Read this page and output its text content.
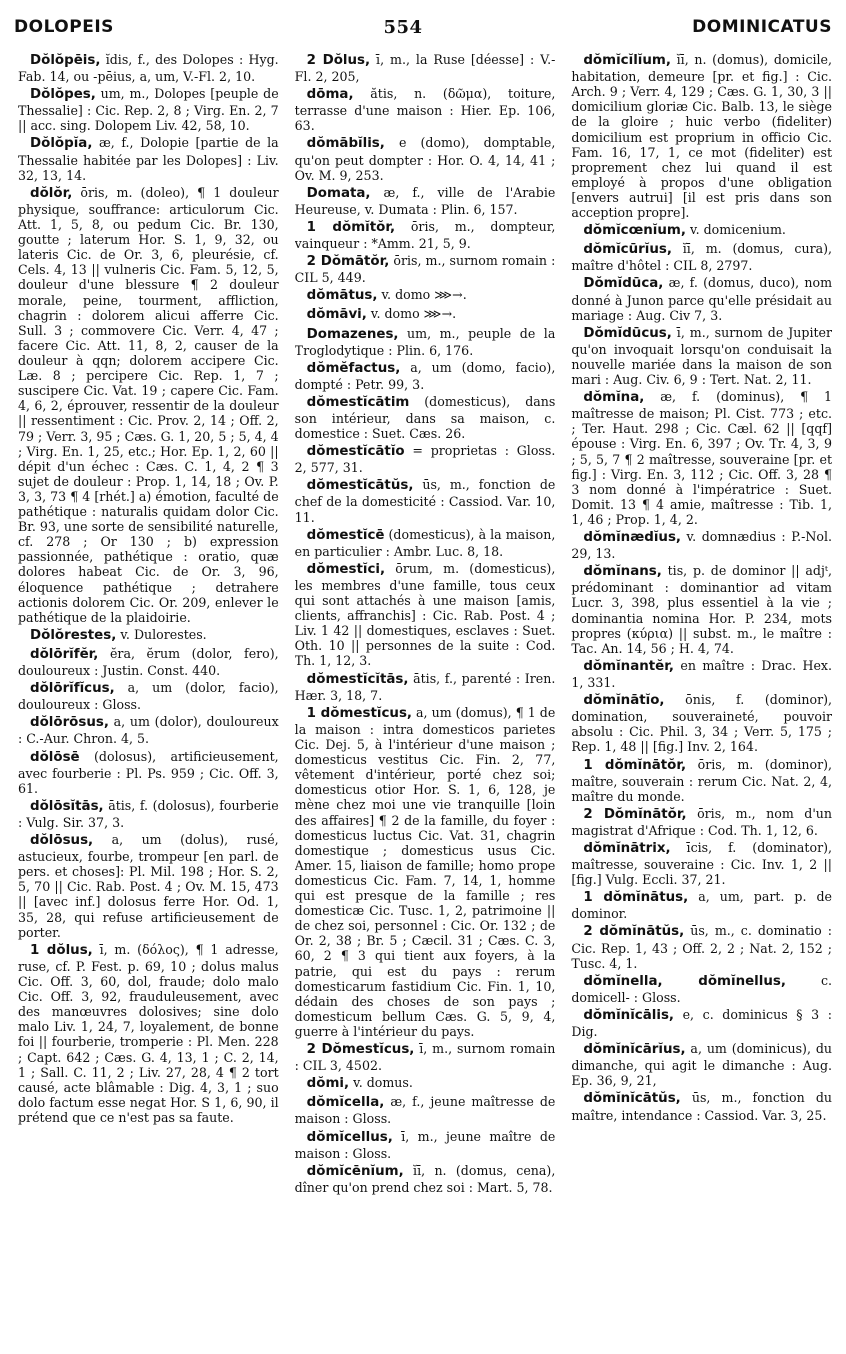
DOLOPEIS	554	DOMINICATUS

Dŏlŏpēis, ĭdis, f., des Dolopes : Hyg. Fab. 14, ou -pēius, a, um, V.-Fl. 2, 10.

Dŏlŏpes, um, m., Dolopes [peuple de Thessalie] : Cic. Rep. 2, 8 ; Virg. En. 2, 7 || acc. sing. Dolopem Liv. 42, 58, 10.

Dŏlŏpĭa, æ, f., Dolopie [partie de la Thessalie habitée par les Dolopes] : Liv. 32, 13, 14.

dŏlŏr, ōris, m. (doleo), ¶ 1 douleur physique, souffrance: articulorum Cic. Att. 1, 5, 8, ou pedum Cic. Br. 130, goutte ; laterum Hor. S. 1, 9, 32, ou lateris Cic. de Or. 3, 6, pleurésie, cf. Cels. 4, 13 || vulneris Cic. Fam. 5, 12, 5, douleur d'une blessure ¶ 2 douleur morale, peine, tourment, affliction, chagrin : dolorem alicui afferre Cic. Sull. 3 ; commovere Cic. Verr. 4, 47 ; facere Cic. Att. 11, 8, 2, causer de la douleur à qqn; dolorem accipere Cic. Læ. 8 ; percipere Cic. Rep. 1, 7 ; suscipere Cic. Vat. 19 ; capere Cic. Fam. 4, 6, 2, éprouver, ressentir de la douleur || ressentiment : Cic. Prov. 2, 14 ; Off. 2, 79 ; Verr. 3, 95 ; Cæs. G. 1, 20, 5 ; 5, 4, 4 ; Virg. En. 1, 25, etc.; Hor. Ep. 1, 2, 60 || dépit d'un échec : Cæs. C. 1, 4, 2 ¶ 3 sujet de douleur : Prop. 1, 14, 18 ; Ov. P. 3, 3, 73 ¶ 4 [rhét.] a) émotion, faculté de pathétique : naturalis quidam dolor Cic. Br. 93, une sorte de sensibilité naturelle, cf. 278 ; Or 130 ; b) expression passionnée, pathétique : oratio, quæ dolores habeat Cic. de Or. 3, 96, éloquence pathétique ; detrahere actionis dolorem Cic. Or. 209, enlever le pathétique de la plaidoirie.

Dŏlŏrestes, v. Dulorestes.

dŏlōrĭfĕr, ĕra, ĕrum (dolor, fero), douloureux : Justin. Const. 440.

dŏlōrĭfĭcus, a, um (dolor, facio), douloureux : Gloss.

dŏlōrōsus, a, um (dolor), douloureux : C.-Aur. Chron. 4, 5.

dŏlōsē (dolosus), artificieusement, avec fourberie : Pl. Ps. 959 ; Cic. Off. 3, 61.

dŏlōsĭtās, ātis, f. (dolosus), fourberie : Vulg. Sir. 37, 3.

dŏlōsus, a, um (dolus), rusé, astucieux, fourbe, trompeur [en parl. de pers. et choses]: Pl. Mil. 198 ; Hor. S. 2, 5, 70 || Cic. Rab. Post. 4 ; Ov. M. 15, 473 || [avec inf.] dolosus ferre Hor. Od. 1, 35, 28, qui refuse artificieusement de porter.

1 dŏlus, ī, m. (δόλος), ¶ 1 adresse, ruse, cf. P. Fest. p. 69, 10 ; dolus malus Cic. Off. 3, 60, dol, fraude; dolo malo Cic. Off. 3, 92, frauduleusement, avec des manœuvres dolosives; sine dolo malo Liv. 1, 24, 7, loyalement, de bonne foi || fourberie, tromperie : Pl. Men. 228 ; Capt. 642 ; Cæs. G. 4, 13, 1 ; C. 2, 14, 1 ; Sall. C. 11, 2 ; Liv. 27, 28, 4 ¶ 2 tort causé, acte blâmable : Dig. 4, 3, 1 ; suo dolo factum esse negat Hor. S 1, 6, 90, il prétend que ce n'est pas sa faute.

2 Dŏlus, ī, m., la Ruse [déesse] : V.-Fl. 2, 205,

dōma, ătis, n. (δῶμα), toiture, terrasse d'une maison : Hier. Ep. 106, 63.

dŏmābĭlis, e (domo), domptable, qu'on peut dompter : Hor. O. 4, 14, 41 ; Ov. M. 9, 253.

Domata, æ, f., ville de l'Arabie Heureuse, v. Dumata : Plin. 6, 157.

1 dŏmĭtŏr, ōris, m., dompteur, vainqueur : *Amm. 21, 5, 9.

2 Dŏmātŏr, ōris, m., surnom romain : CIL 5, 449.

dŏmātus, v. domo ⋙→.

dŏmāvi, v. domo ⋙→.

Domazenes, um, m., peuple de la Troglodytique : Plin. 6, 176.

dŏmĕfactus, a, um (domo, facio), dompté : Petr. 99, 3.

dŏmestĭcātim (domesticus), dans son intérieur, dans sa maison, c. domestice : Suet. Cæs. 26.

dŏmestĭcātĭo = proprietas : Gloss. 2, 577, 31.

dŏmestĭcātŭs, ūs, m., fonction de chef de la domesticité : Cassiod. Var. 10, 11.

dŏmestĭcē (domesticus), à la maison, en particulier : Ambr. Luc. 8, 18.

dŏmestĭci, ōrum, m. (domesticus), les membres d'une famille, tous ceux qui sont attachés à une maison [amis, clients, affranchis] : Cic. Rab. Post. 4 ; Liv. 1 42 || domestiques, esclaves : Suet. Oth. 10 || personnes de la suite : Cod. Th. 1, 12, 3.

dŏmestĭcĭtās, ātis, f., parenté : Iren. Hær. 3, 18, 7.

1 dŏmestĭcus, a, um (domus), ¶ 1 de la maison : intra domesticos parietes Cic. Dej. 5, à l'intérieur d'une maison ; domesticus vestitus Cic. Fin. 2, 77, vêtement d'intérieur, porté chez soi; domesticus otior Hor. S. 1, 6, 128, je mène chez moi une vie tranquille [loin des affaires] ¶ 2 de la famille, du foyer : domesticus luctus Cic. Vat. 31, chagrin domestique ; domesticus usus Cic. Amer. 15, liaison de famille; homo prope domesticus Cic. Fam. 7, 14, 1, homme qui est presque de la famille ; res domesticæ Cic. Tusc. 1, 2, patrimoine || de chez soi, personnel : Cic. Or. 132 ; de Or. 2, 38 ; Br. 5 ; Cæcil. 31 ; Cæs. C. 3, 60, 2 ¶ 3 qui tient aux foyers, à la patrie, qui est du pays : rerum domesticarum fastidium Cic. Fin. 1, 10, dédain des choses de son pays ; domesticum bellum Cæs. G. 5, 9, 4, guerre à l'intérieur du pays.

2 Dŏmestĭcus, ī, m., surnom romain : CIL 3, 4502.

dŏmi, v. domus.

dŏmĭcella, æ, f., jeune maîtresse de maison : Gloss.

dŏmĭcellus, ī, m., jeune maître de maison : Gloss.

dŏmĭcēnĭum, ĭī, n. (domus, cena), dîner qu'on prend chez soi : Mart. 5, 78.

dŏmĭcĭlĭum, ĭī, n. (domus), domicile, habitation, demeure [pr. et fig.] : Cic. Arch. 9 ; Verr. 4, 129 ; Cæs. G. 1, 30, 3 || domicilium gloriæ Cic. Balb. 13, le siège de la gloire ; huic verbo (fideliter) domicilium est proprium in officio Cic. Fam. 16, 17, 1, ce mot (fideliter) est proprement chez lui quand il est employé à propos d'une obligation [envers autrui] [il est pris dans son acception propre].

dŏmĭcœnĭum, v. domicenium.

dŏmĭcūrĭus, ĭī, m. (domus, cura), maître d'hôtel : CIL 8, 2797.

Dŏmĭdūca, æ, f. (domus, duco), nom donné à Junon parce qu'elle présidait au mariage : Aug. Civ 7, 3.

Dŏmĭdūcus, ī, m., surnom de Jupiter qu'on invoquait lorsqu'on conduisait la nouvelle mariée dans la maison de son mari : Aug. Civ. 6, 9 : Tert. Nat. 2, 11.

dŏmĭna, æ, f. (dominus), ¶ 1 maîtresse de maison; Pl. Cist. 773 ; etc. ; Ter. Haut. 298 ; Cic. Cæl. 62 || [qqf] épouse : Virg. En. 6, 397 ; Ov. Tr. 4, 3, 9 ; 5, 5, 7 ¶ 2 maîtresse, souveraine [pr. et fig.] : Virg. En. 3, 112 ; Cic. Off. 3, 28 ¶ 3 nom donné à l'impératrice : Suet. Domit. 13 ¶ 4 amie, maîtresse : Tib. 1, 1, 46 ; Prop. 1, 4, 2.

dŏmĭnædĭus, v. domnædius : P.-Nol. 29, 13.

dŏmĭnans, tis, p. de dominor || adjᵗ, prédominant : dominantior ad vitam Lucr. 3, 398, plus essentiel à la vie ; dominantia nomina Hor. P. 234, mots propres (κύρια) || subst. m., le maître : Tac. An. 14, 56 ; H. 4, 74.

dŏmĭnantĕr, en maître : Drac. Hex. 1, 331.

dŏmĭnātĭo, ōnis, f. (dominor), domination, souveraineté, pouvoir absolu : Cic. Phil. 3, 34 ; Verr. 5, 175 ; Rep. 1, 48 || [fig.] Inv. 2, 164.

1 dŏmĭnātŏr, ōris, m. (dominor), maître, souverain : rerum Cic. Nat. 2, 4, maître du monde.

2 Dŏmĭnātŏr, ōris, m., nom d'un magistrat d'Afrique : Cod. Th. 1, 12, 6.

dŏmĭnātrix, īcis, f. (dominator), maîtresse, souveraine : Cic. Inv. 1, 2 || [fig.] Vulg. Eccli. 37, 21.

1 dŏmĭnātus, a, um, part. p. de dominor.

2 dŏmĭnātŭs, ūs, m., c. dominatio : Cic. Rep. 1, 43 ; Off. 2, 2 ; Nat. 2, 152 ; Tusc. 4, 1.

dŏmĭnella, dŏmĭnellus, c. domicell- : Gloss.

dŏmĭnĭcālis, e, c. dominicus § 3 : Dig.

dŏmĭnĭcārĭus, a, um (dominicus), du dimanche, qui agit le dimanche : Aug. Ep. 36, 9, 21,

dŏmĭnĭcātŭs, ūs, m., fonction du maître, intendance : Cassiod. Var. 3, 25.
